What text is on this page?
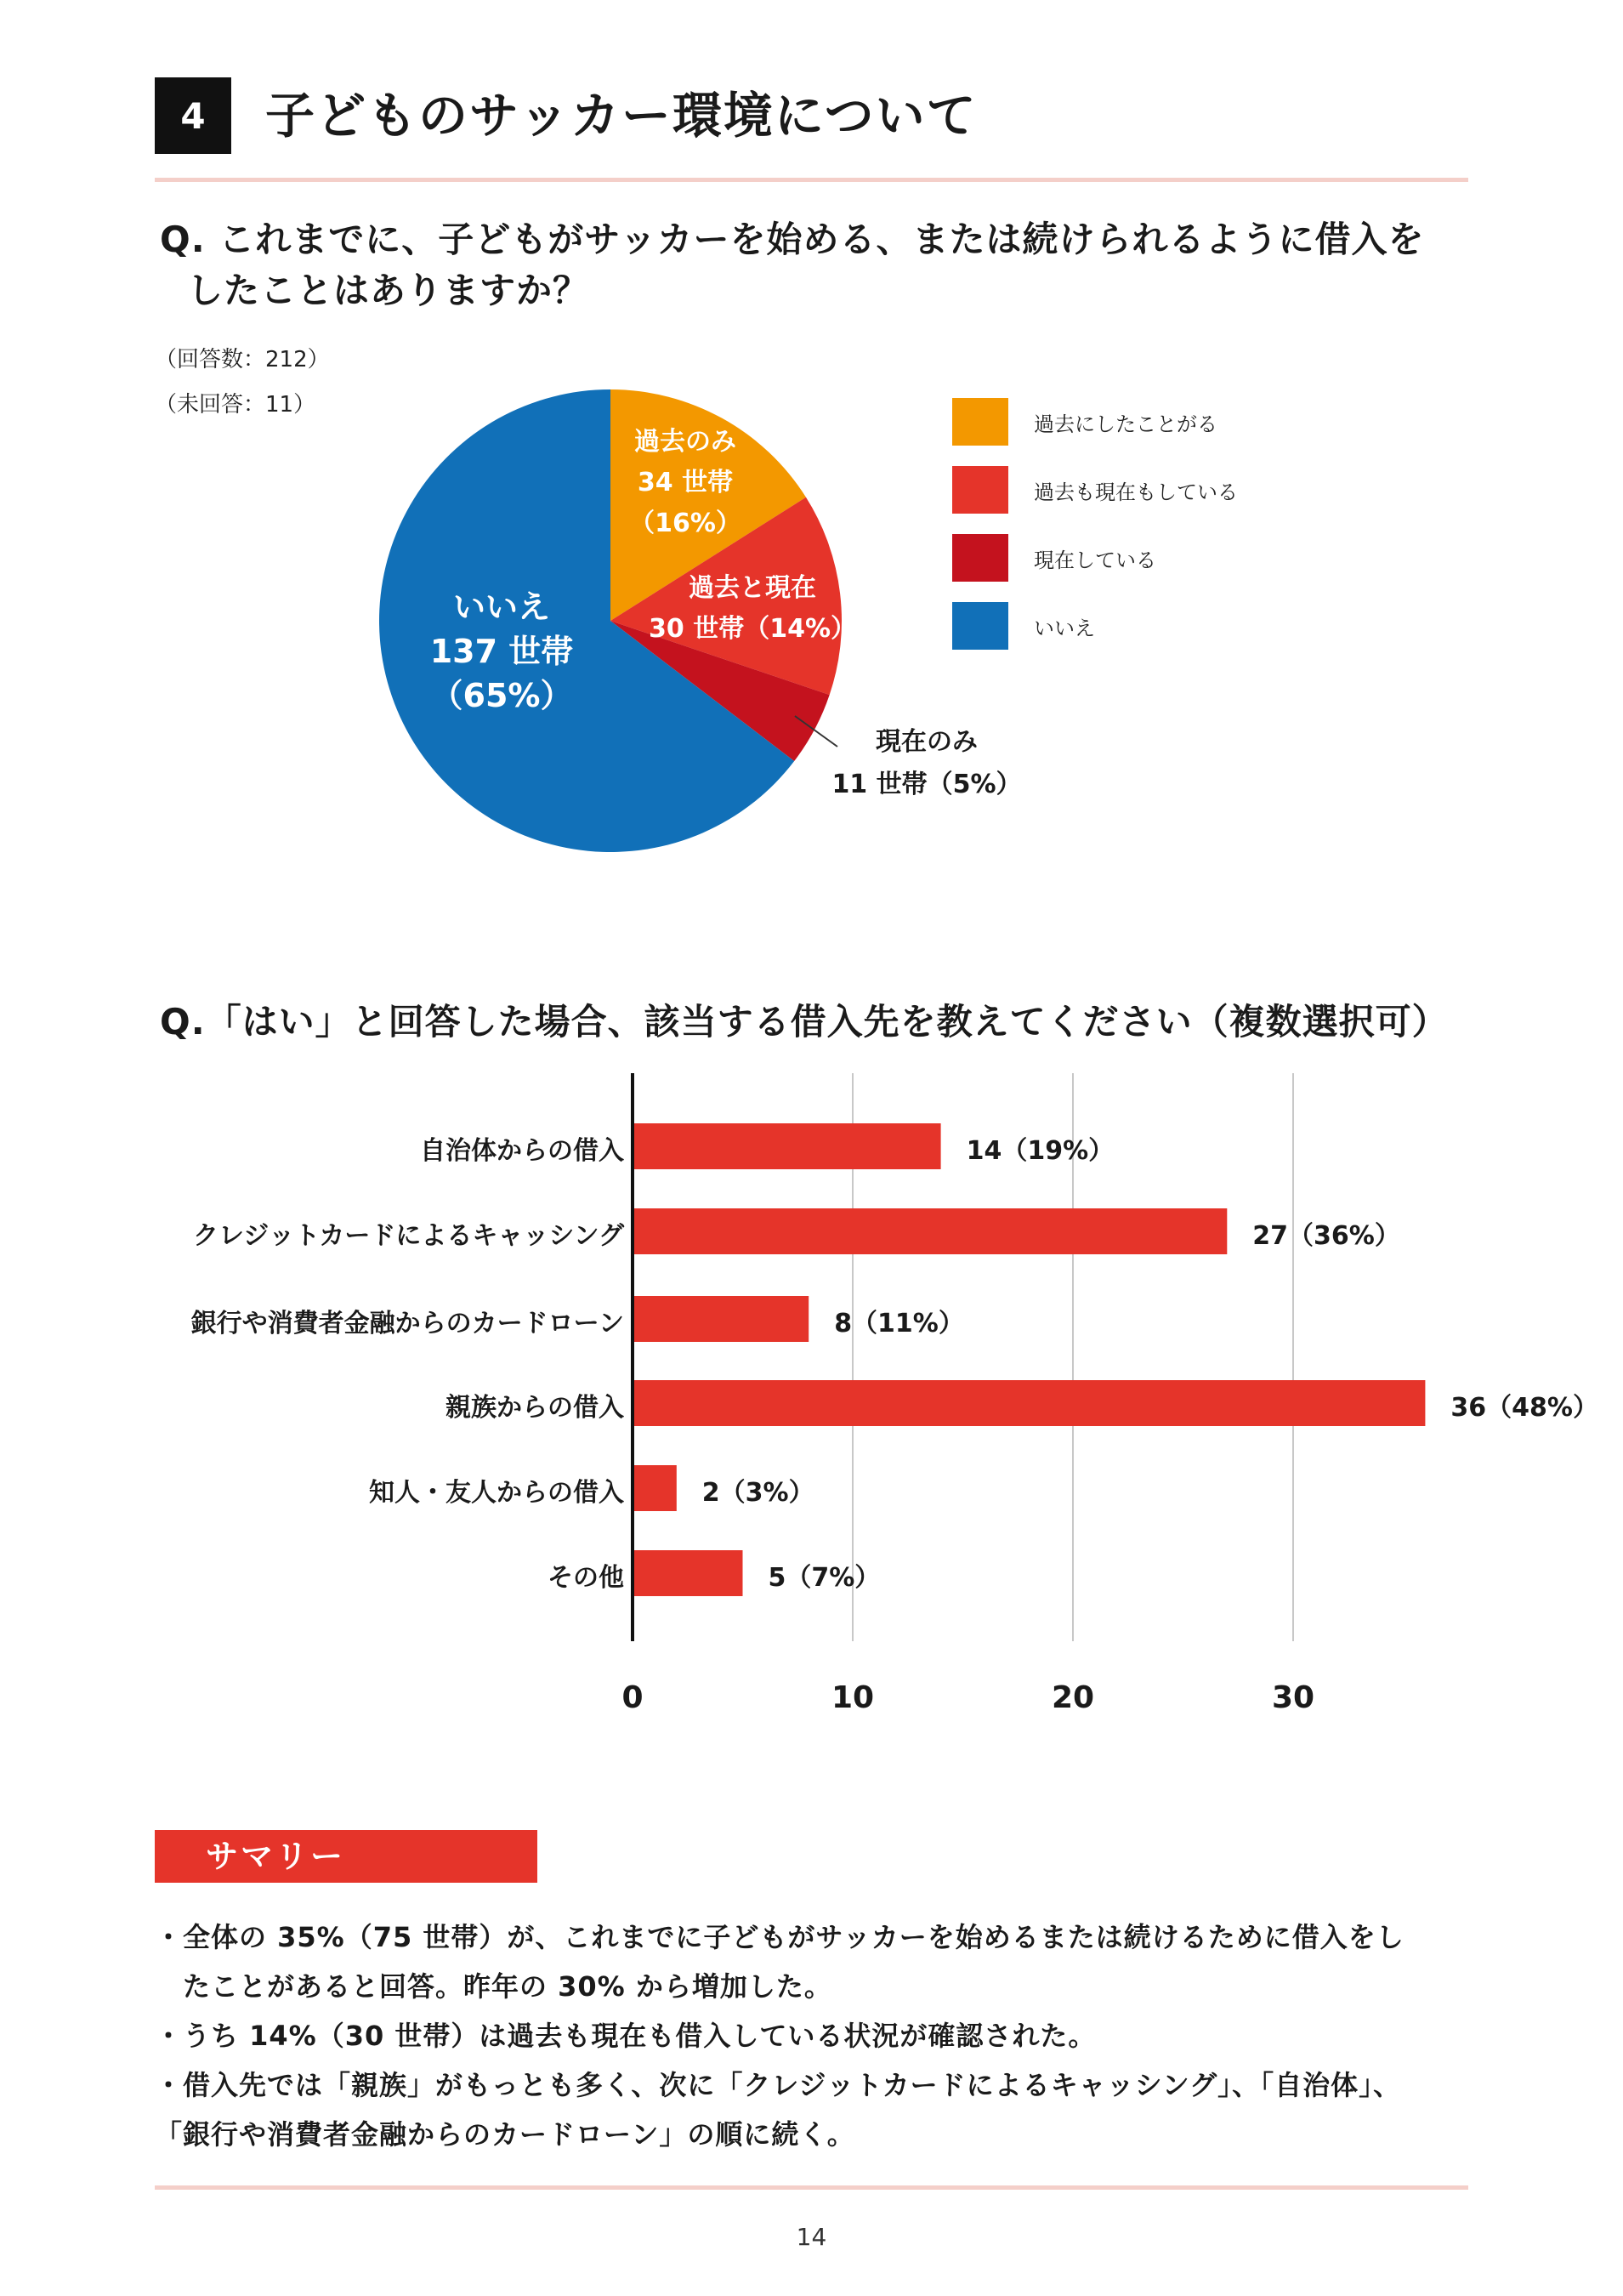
4	子どものサッカー環境について
Q. これまでに、子どもがサッカーを始める、または続けられるように借入を
したことはありますか？
（回答数：212）
（未回答：11）
過去のみ
34 世帯
（16%）
過去と現在
30 世帯（14%）
現在のみ
11 世帯（5%）
いいえ
137 世帯
（65%）
過去にしたことがる
過去も現在もしている
現在している
いいえ
Q.「はい」と回答した場合、該当する借入先を教えてください（複数選択可）
0	10	20	30
自治体からの借入
クレジットカードによるキャッシング
銀行や消費者金融からのカードローン
親族からの借入
知人・友人からの借入
その他
14（19%）
27（36%）
8（11%）
36（48%）
2（3%）
5（7%）
サマリー
・全体の 35%（75 世帯）が、これまでに子どもがサッカーを始めるまたは続けるために借入をし
　たことがあると回答。昨年の 30% から増加した。
・うち 14%（30 世帯）は過去も現在も借入している状況が確認された。
・借入先では「親族」がもっとも多く、次に「クレジットカードによるキャッシング」、「自治体」、
「銀行や消費者金融からのカードローン」の順に続く。
14
